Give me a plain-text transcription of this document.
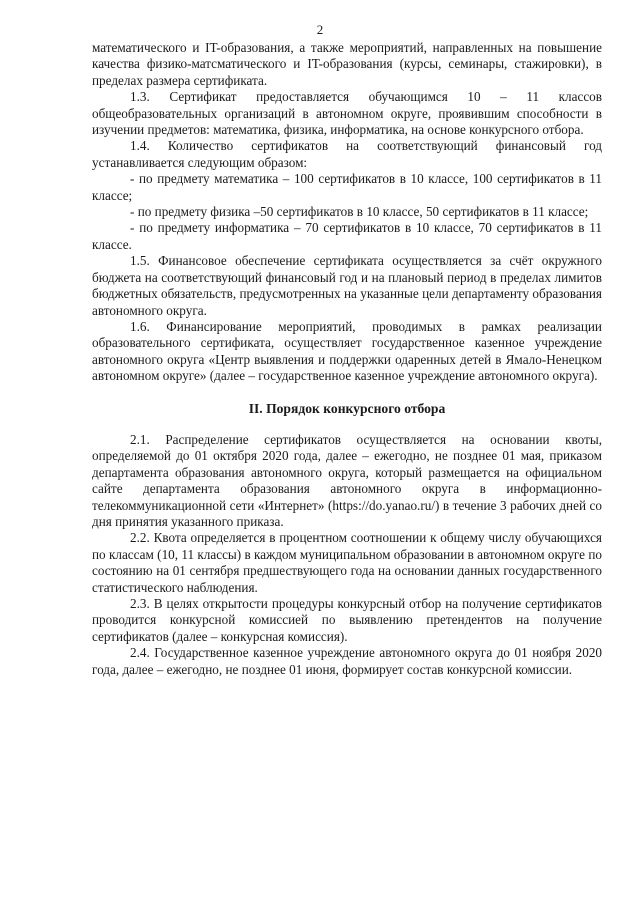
2

математического и IT-образования, а также мероприятий, направленных на повышение качества физико-матсматического и IT-образования (курсы, семинары, стажировки), в пределах размера сертификата.

1.3. Сертификат предоставляется обучающимся 10 – 11 классов общеобразовательных организаций в автономном округе, проявившим способности в изучении предметов: математика, физика, информатика, на основе конкурсного отбора.

1.4. Количество сертификатов на соответствующий финансовый год устанавливается следующим образом:

- по предмету математика – 100 сертификатов в 10 классе, 100 сертификатов в 11 классе;

- по предмету физика –50 сертификатов в 10 классе, 50 сертификатов в 11 классе;

- по предмету информатика – 70 сертификатов в 10 классе, 70 сертификатов в 11 классе.

1.5. Финансовое обеспечение сертификата осуществляется за счёт окружного бюджета на соответствующий финансовый год и на плановый период в пределах лимитов бюджетных обязательств, предусмотренных на указанные цели департаменту образования автономного округа.

1.6. Финансирование мероприятий, проводимых в рамках реализации образовательного сертификата, осуществляет государственное казенное учреждение автономного округа «Центр выявления и поддержки одаренных детей в Ямало-Ненецком автономном округе» (далее – государственное казенное учреждение автономного округа).

II. Порядок конкурсного отбора

2.1. Распределение сертификатов осуществляется на основании квоты, определяемой до 01 октября 2020 года, далее – ежегодно, не позднее 01 мая, приказом департамента образования автономного округа, который размещается на официальном сайте департамента образования автономного округа в информационно-телекоммуникационной сети «Интернет» (https://do.yanao.ru/) в течение 3 рабочих дней со дня принятия указанного приказа.

2.2. Квота определяется в процентном соотношении к общему числу обучающихся по классам (10, 11 классы) в каждом муниципальном образовании в автономном округе по состоянию на 01 сентября предшествующего года на основании данных государственного статистического наблюдения.

2.3. В целях открытости процедуры конкурсный отбор на получение сертификатов проводится конкурсной комиссией по выявлению претендентов на получение сертификатов (далее – конкурсная комиссия).

2.4. Государственное казенное учреждение автономного округа до 01 ноября 2020 года, далее – ежегодно, не позднее 01 июня, формирует состав конкурсной комиссии.
